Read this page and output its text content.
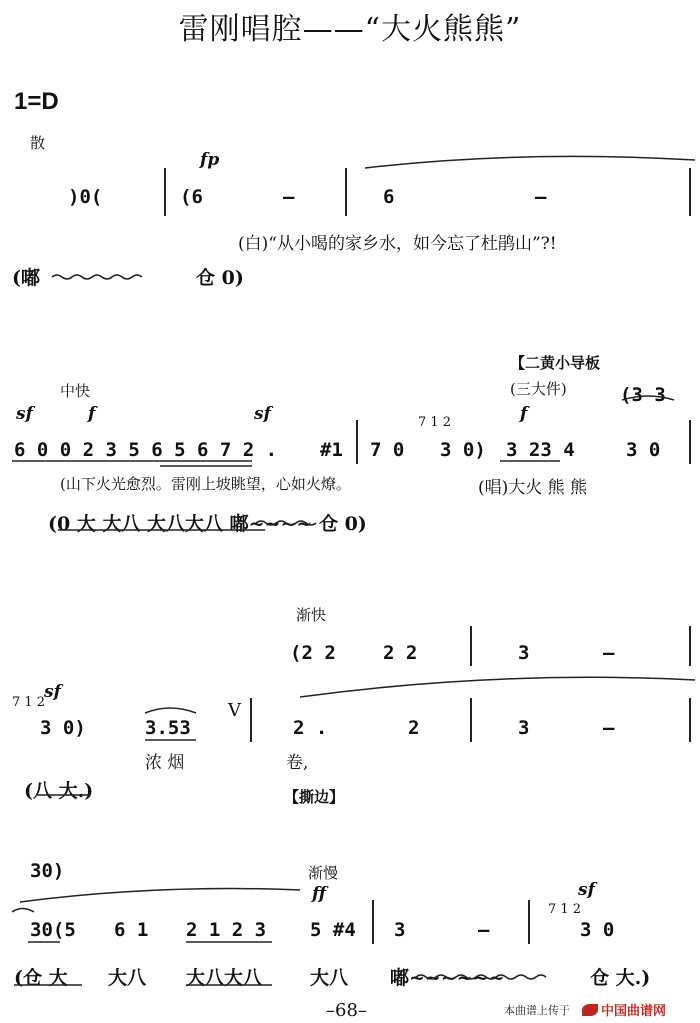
雷刚唱腔——“大火熊熊”
1=D
散
fp
)0(	(6	–	6	–
(白)“从小喝的家乡水，如今忘了杜鹃山”?!
(嘟	仓 0)
【二黄小导板
(三大件)
中快	(3 3
sf	f	sf	f
7 1 2
6 0 0 2 3 5 6 5 6 7 2 . #1 7 0 3 0) 3 23 4	3 0
(山下火光愈烈。雷刚上坡眺望，心如火燎。	(唱)大火 熊 熊
(0 大 大八 大八大八 嘟~~~~ 仓 0)
渐快
(2 2 2 2	3	–
sf
7 1 2
3 0)	3.53
V
2 .	2	3	–
浓 烟	卷,
(八 大.)	【撕边】
30)	渐慢
ff	sf
7 1 2
30(5 6 1 2 1 2 3 5 #4 3	–	3 0
(仓 大 大八 大八大八	大八 嘟~~~~~~	仓 大.)
–68–	本曲谱上传于	中国曲谱网
